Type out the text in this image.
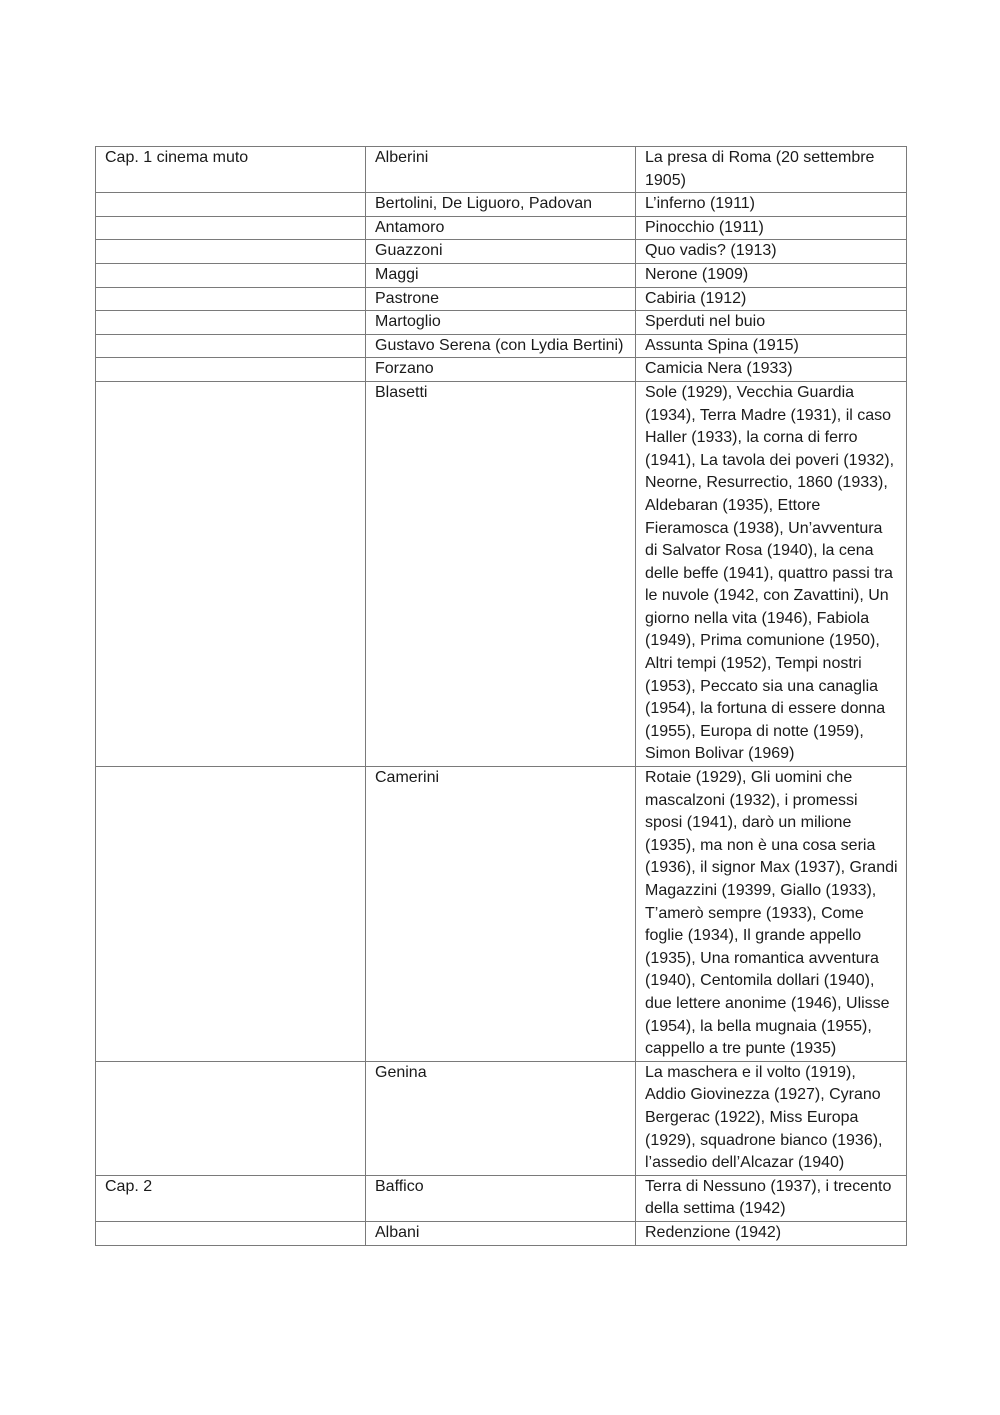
Cap. 1 cinema muto	Alberini	La presa di Roma (20 settembre 1905)
	Bertolini, De Liguoro, Padovan	L’inferno (1911)
	Antamoro	Pinocchio (1911)
	Guazzoni	Quo vadis? (1913)
	Maggi	Nerone (1909)
	Pastrone	Cabiria (1912)
	Martoglio	Sperduti nel buio
	Gustavo Serena (con Lydia Bertini)	Assunta Spina (1915)
	Forzano	Camicia Nera (1933)
	Blasetti	Sole (1929), Vecchia Guardia (1934), Terra Madre (1931), il caso Haller (1933), la corna di ferro (1941), La tavola dei poveri (1932), Neorne, Resurrectio, 1860 (1933), Aldebaran (1935), Ettore Fieramosca (1938), Un’avventura di Salvator Rosa (1940), la cena delle beffe (1941), quattro passi tra le nuvole (1942, con Zavattini), Un giorno nella vita (1946), Fabiola (1949), Prima comunione (1950), Altri tempi (1952), Tempi nostri (1953), Peccato sia una canaglia (1954), la fortuna di essere donna (1955), Europa di notte (1959), Simon Bolivar (1969)
	Camerini	Rotaie (1929), Gli uomini che mascalzoni (1932), i promessi sposi (1941), darò un milione (1935), ma non è una cosa seria (1936), il signor Max (1937), Grandi Magazzini (19399, Giallo (1933), T’amerò sempre (1933), Come foglie (1934), Il grande appello (1935), Una romantica avventura (1940), Centomila dollari (1940), due lettere anonime (1946), Ulisse (1954), la bella mugnaia (1955), cappello a tre punte (1935)
	Genina	La maschera e il volto (1919), Addio Giovinezza (1927), Cyrano Bergerac (1922), Miss Europa (1929), squadrone bianco (1936), l’assedio dell’Alcazar (1940)
Cap. 2	Baffico	Terra di Nessuno (1937), i trecento della settima (1942)
	Albani	Redenzione (1942)
